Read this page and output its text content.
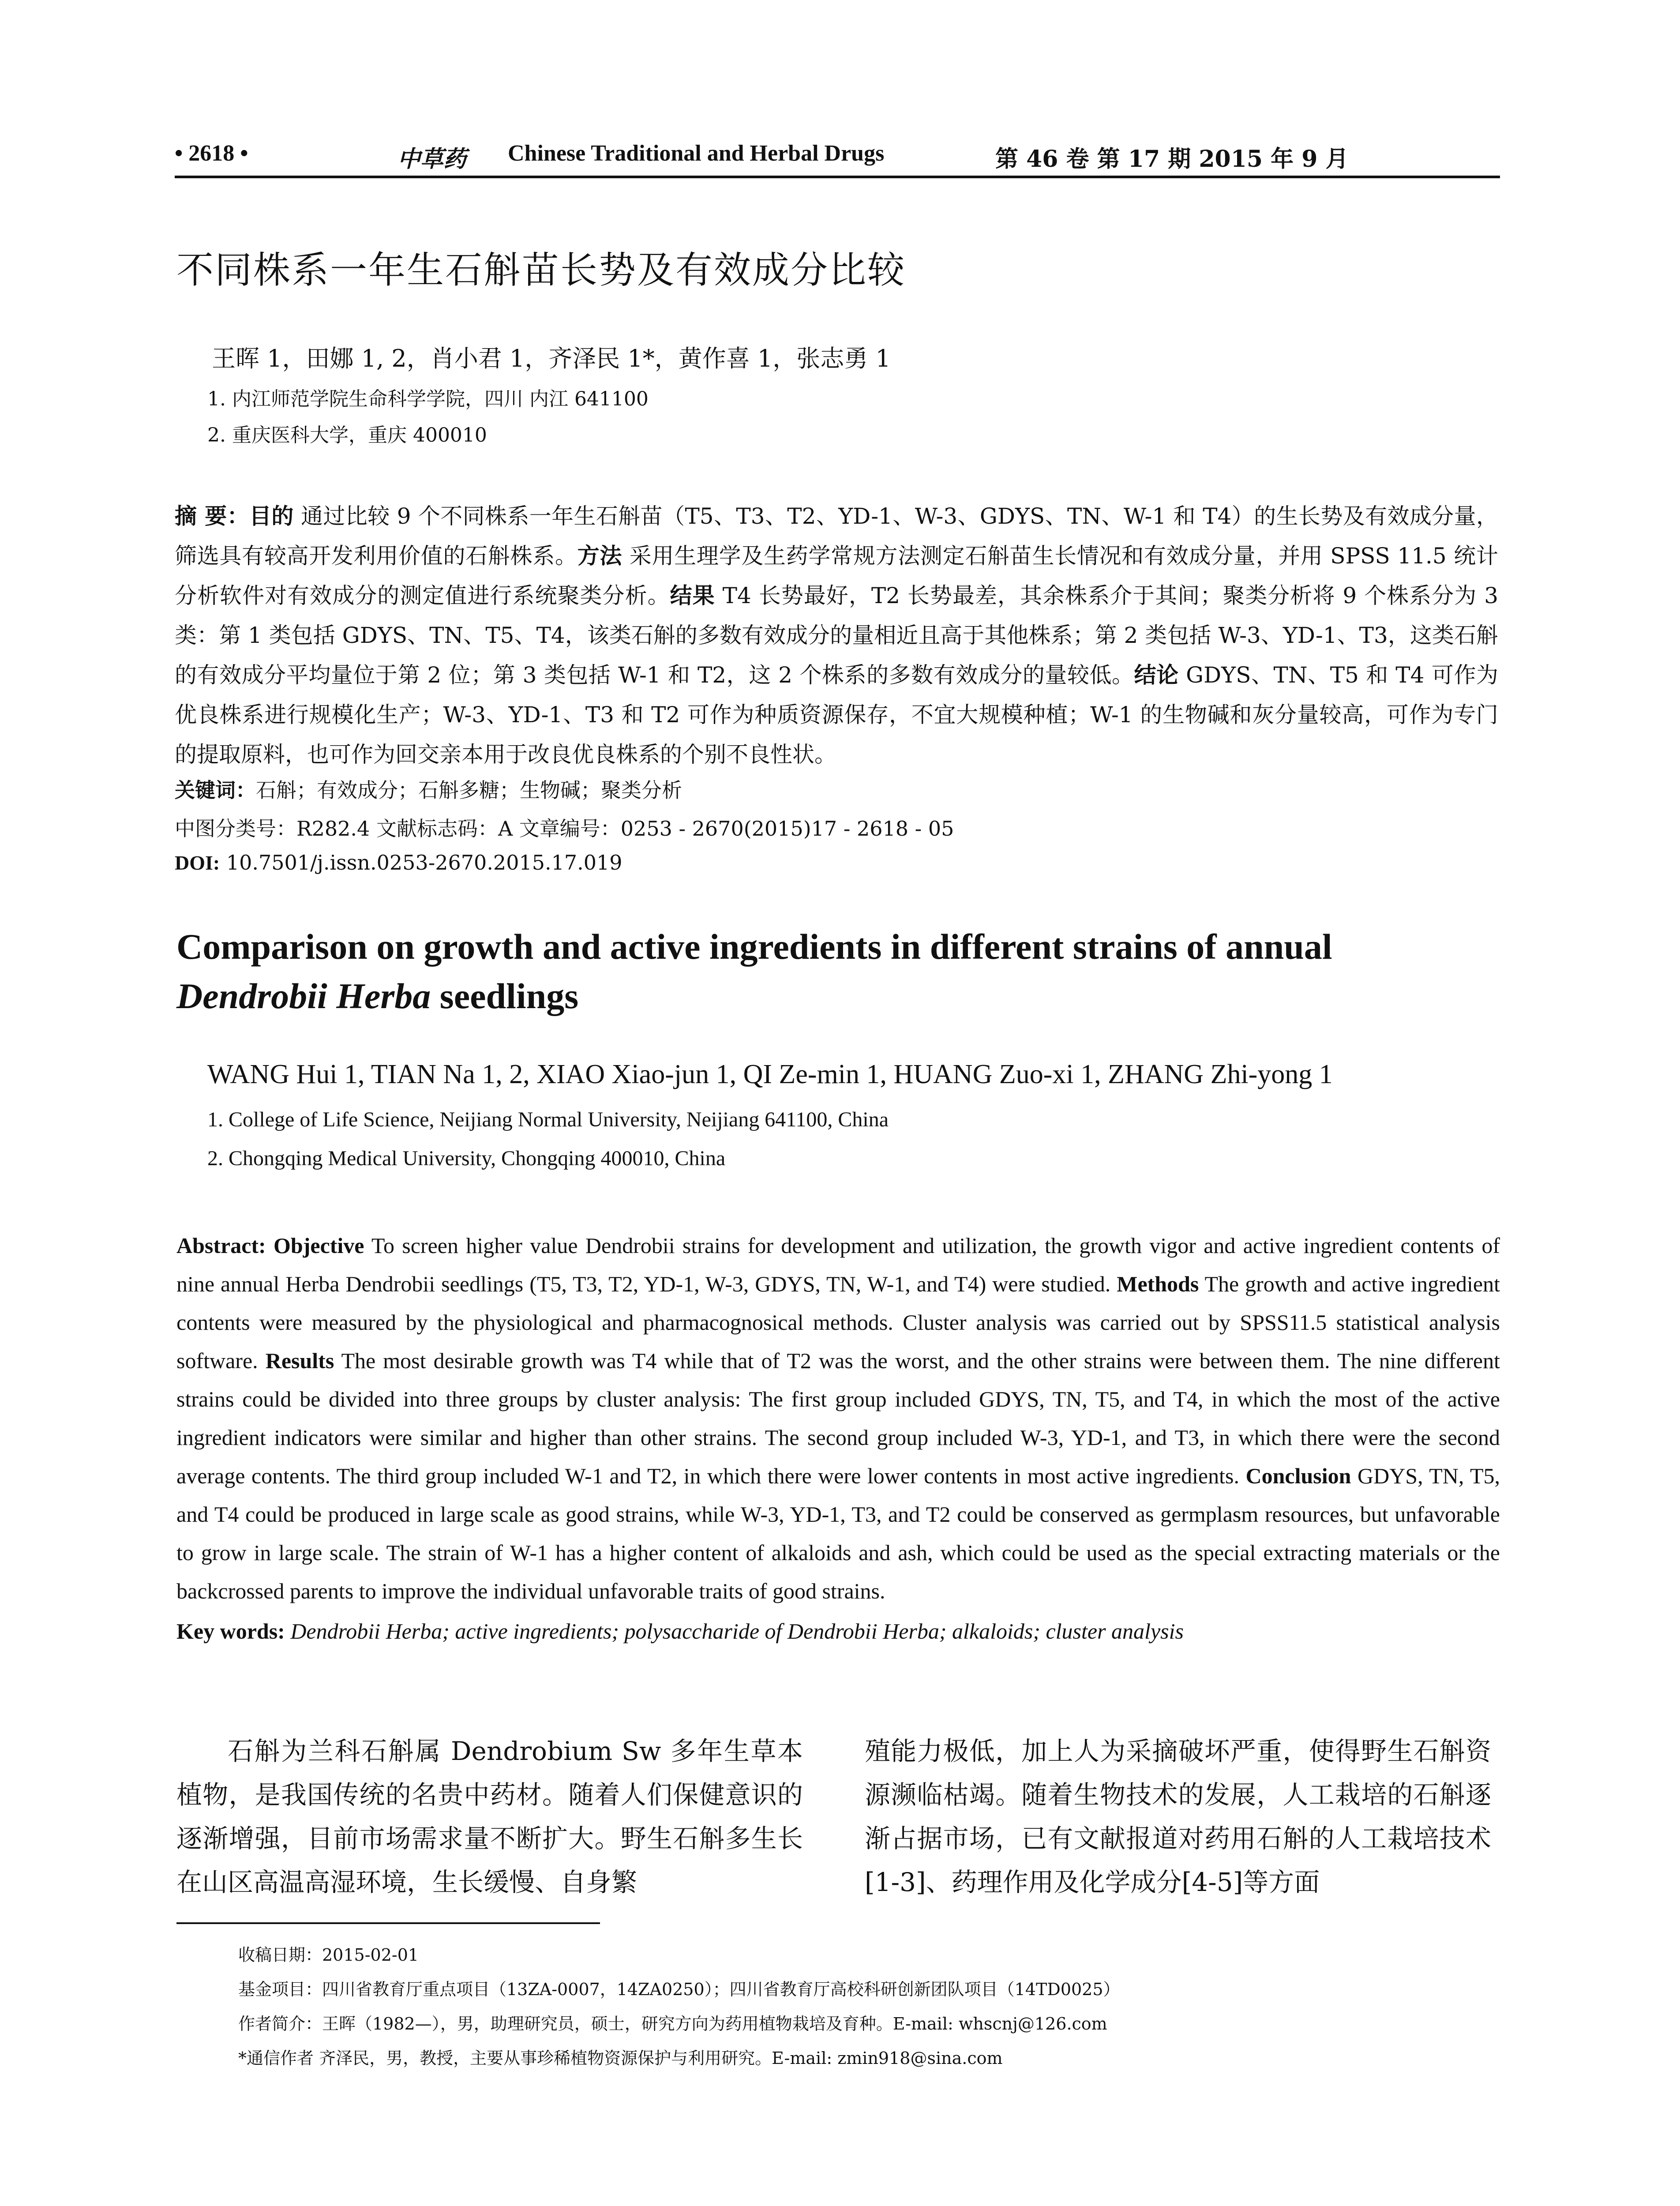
• 2618 •	中草药 Chinese Traditional and Herbal Drugs	第 46 卷 第 17 期 2015 年 9 月
不同株系一年生石斛苗长势及有效成分比较
王晖 1，田娜 1, 2，肖小君 1，齐泽民 1*，黄作喜 1，张志勇 1
1. 内江师范学院生命科学学院，四川 内江 641100
2. 重庆医科大学，重庆 400010
摘 要：目的 通过比较 9 个不同株系一年生石斛苗（T5、T3、T2、YD-1、W-3、GDYS、TN、W-1 和 T4）的生长势及有效成分量，筛选具有较高开发利用价值的石斛株系。方法 采用生理学及生药学常规方法测定石斛苗生长情况和有效成分量，并用 SPSS 11.5 统计分析软件对有效成分的测定值进行系统聚类分析。结果 T4 长势最好，T2 长势最差，其余株系介于其间；聚类分析将 9 个株系分为 3 类：第 1 类包括 GDYS、TN、T5、T4，该类石斛的多数有效成分的量相近且高于其他株系；第 2 类包括 W-3、YD-1、T3，这类石斛的有效成分平均量位于第 2 位；第 3 类包括 W-1 和 T2，这 2 个株系的多数有效成分的量较低。结论 GDYS、TN、T5 和 T4 可作为优良株系进行规模化生产；W-3、YD-1、T3 和 T2 可作为种质资源保存，不宜大规模种植；W-1 的生物碱和灰分量较高，可作为专门的提取原料，也可作为回交亲本用于改良优良株系的个别不良性状。
关键词：石斛；有效成分；石斛多糖；生物碱；聚类分析
中图分类号：R282.4 文献标志码：A 文章编号：0253 - 2670(2015)17 - 2618 - 05
DOI: 10.7501/j.issn.0253-2670.2015.17.019
Comparison on growth and active ingredients in different strains of annual
Dendrobii Herba seedlings
WANG Hui 1, TIAN Na 1, 2, XIAO Xiao-jun 1, QI Ze-min 1, HUANG Zuo-xi 1, ZHANG Zhi-yong 1
1. College of Life Science, Neijiang Normal University, Neijiang 641100, China
2. Chongqing Medical University, Chongqing 400010, China
Abstract: Objective To screen higher value Dendrobii strains for development and utilization, the growth vigor and active ingredient contents of nine annual Herba Dendrobii seedlings (T5, T3, T2, YD-1, W-3, GDYS, TN, W-1, and T4) were studied. Methods The growth and active ingredient contents were measured by the physiological and pharmacognosical methods. Cluster analysis was carried out by SPSS11.5 statistical analysis software. Results The most desirable growth was T4 while that of T2 was the worst, and the other strains were between them. The nine different strains could be divided into three groups by cluster analysis: The first group included GDYS, TN, T5, and T4, in which the most of the active ingredient indicators were similar and higher than other strains. The second group included W-3, YD-1, and T3, in which there were the second average contents. The third group included W-1 and T2, in which there were lower contents in most active ingredients. Conclusion GDYS, TN, T5, and T4 could be produced in large scale as good strains, while W-3, YD-1, T3, and T2 could be conserved as germplasm resources, but unfavorable to grow in large scale. The strain of W-1 has a higher content of alkaloids and ash, which could be used as the special extracting materials or the backcrossed parents to improve the individual unfavorable traits of good strains.
Key words: Dendrobii Herba; active ingredients; polysaccharide of Dendrobii Herba; alkaloids; cluster analysis
石斛为兰科石斛属 Dendrobium Sw 多年生草本植物，是我国传统的名贵中药材。随着人们保健意识的逐渐增强，目前市场需求量不断扩大。野生石斛多生长在山区高温高湿环境，生长缓慢、自身繁
殖能力极低，加上人为采摘破坏严重，使得野生石斛资源濒临枯竭。随着生物技术的发展，人工栽培的石斛逐渐占据市场，已有文献报道对药用石斛的人工栽培技术[1-3]、药理作用及化学成分[4-5]等方面
收稿日期：2015-02-01
基金项目：四川省教育厅重点项目（13ZA-0007，14ZA0250）；四川省教育厅高校科研创新团队项目（14TD0025）
作者简介：王晖（1982—），男，助理研究员，硕士，研究方向为药用植物栽培及育种。E-mail: whscnj@126.com
*通信作者 齐泽民，男，教授，主要从事珍稀植物资源保护与利用研究。E-mail: zmin918@sina.com
